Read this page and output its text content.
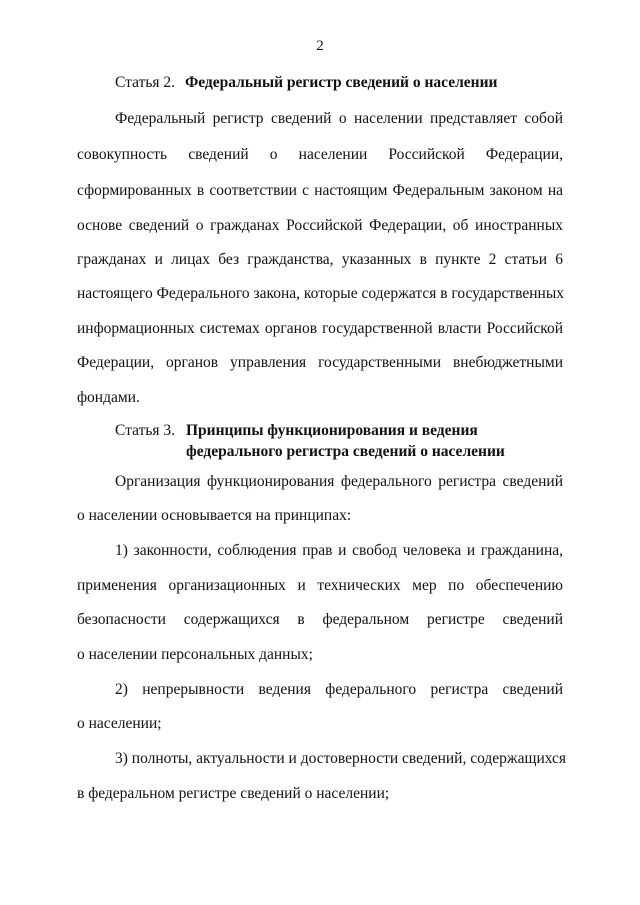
2
Статья 2. Федеральный регистр сведений о населении
Федеральный регистр сведений о населении представляет собой
совокупность сведений о населении Российской Федерации,
сформированных в соответствии с настоящим Федеральным законом на
основе сведений о гражданах Российской Федерации, об иностранных
гражданах и лицах без гражданства, указанных в пункте 2 статьи 6
настоящего Федерального закона, которые содержатся в государственных
информационных системах органов государственной власти Российской
Федерации, органов управления государственными внебюджетными
фондами.
Статья 3. Принципы функционирования и ведения
федерального регистра сведений о населении
Организация функционирования федерального регистра сведений
о населении основывается на принципах:
1) законности, соблюдения прав и свобод человека и гражданина,
применения организационных и технических мер по обеспечению
безопасности содержащихся в федеральном регистре сведений
о населении персональных данных;
2) непрерывности ведения федерального регистра сведений
о населении;
3) полноты, актуальности и достоверности сведений, содержащихся
в федеральном регистре сведений о населении;
